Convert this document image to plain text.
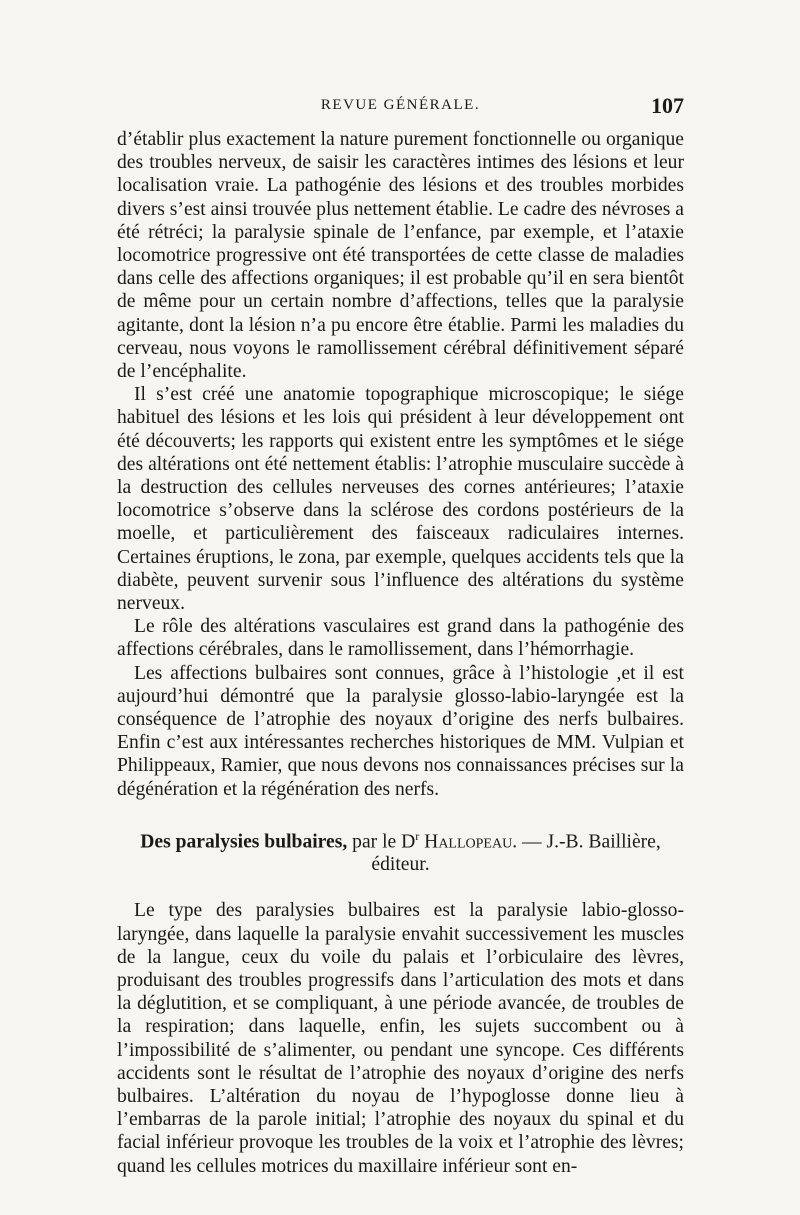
REVUE GÉNÉRALE.	107

d’établir plus exactement la nature purement fonctionnelle ou organique des troubles nerveux, de saisir les caractères intimes des lésions et leur localisation vraie. La pathogénie des lésions et des troubles morbides divers s’est ainsi trouvée plus nettement établie. Le cadre des névroses a été rétréci; la paralysie spinale de l’enfance, par exemple, et l’ataxie locomotrice progressive ont été transportées de cette classe de maladies dans celle des affections organiques; il est probable qu’il en sera bientôt de même pour un certain nombre d’affections, telles que la paralysie agitante, dont la lésion n’a pu encore être établie. Parmi les maladies du cerveau, nous voyons le ramollissement cérébral définitivement séparé de l’encéphalite.

Il s’est créé une anatomie topographique microscopique; le siége habituel des lésions et les lois qui président à leur développement ont été découverts; les rapports qui existent entre les symptômes et le siége des altérations ont été nettement établis: l’atrophie musculaire succède à la destruction des cellules nerveuses des cornes antérieures; l’ataxie locomotrice s’observe dans la sclérose des cordons postérieurs de la moelle, et particulièrement des faisceaux radiculaires internes. Certaines éruptions, le zona, par exemple, quelques accidents tels que la diabète, peuvent survenir sous l’influence des altérations du système nerveux.

Le rôle des altérations vasculaires est grand dans la pathogénie des affections cérébrales, dans le ramollissement, dans l’hémorrhagie.

Les affections bulbaires sont connues, grâce à l’histologie ,et il est aujourd’hui démontré que la paralysie glosso-labio-laryngée est la conséquence de l’atrophie des noyaux d’origine des nerfs bulbaires. Enfin c’est aux intéressantes recherches historiques de MM. Vulpian et Philippeaux, Ramier, que nous devons nos connaissances précises sur la dégénération et la régénération des nerfs.

Des paralysies bulbaires, par le $D^r$ Hallopeau. — J.-B. Baillière,
éditeur.

Le type des paralysies bulbaires est la paralysie labio-glosso-laryngée, dans laquelle la paralysie envahit successivement les muscles de la langue, ceux du voile du palais et l’orbiculaire des lèvres, produisant des troubles progressifs dans l’articulation des mots et dans la déglutition, et se compliquant, à une période avancée, de troubles de la respiration; dans laquelle, enfin, les sujets succombent ou à l’impossibilité de s’alimenter, ou pendant une syncope. Ces différents accidents sont le résultat de l’atrophie des noyaux d’origine des nerfs bulbaires. L’altération du noyau de l’hypoglosse donne lieu à l’embarras de la parole initial; l’atrophie des noyaux du spinal et du facial inférieur provoque les troubles de la voix et l’atrophie des lèvres; quand les cellules motrices du maxillaire inférieur sont en-
